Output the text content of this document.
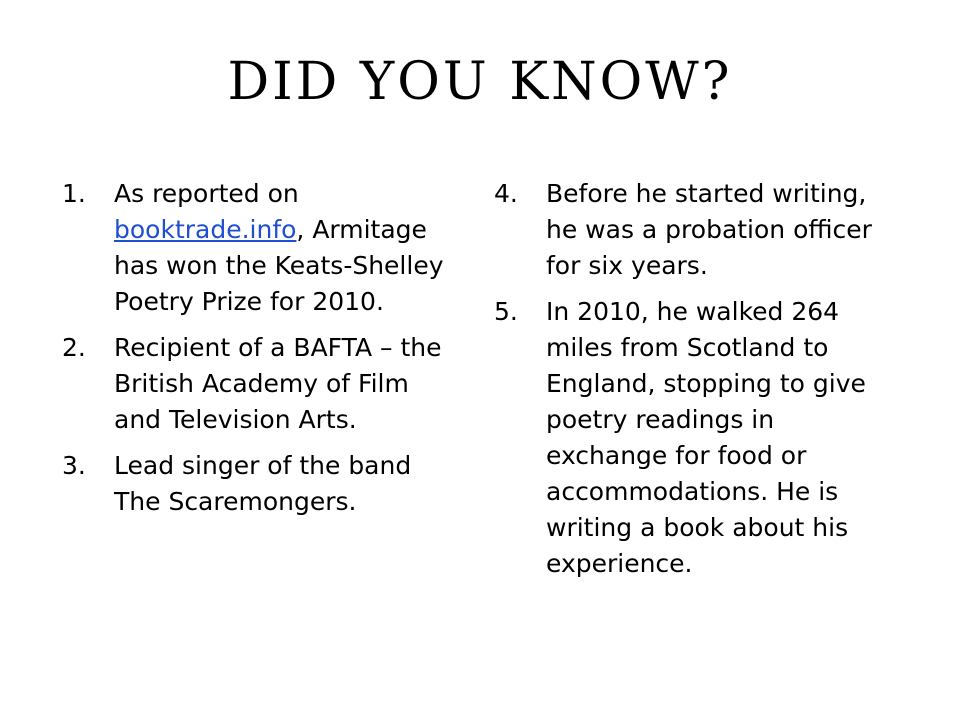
DID YOU KNOW?
1.	As reported on booktrade.info, Armitage has won the Keats-Shelley Poetry Prize for 2010.
2.	Recipient of a BAFTA – the British Academy of Film and Television Arts.
3.	Lead singer of the band The Scaremongers.
4.	Before he started writing, he was a probation officer for six years.
5.	In 2010, he walked 264 miles from Scotland to England, stopping to give poetry readings in exchange for food or accommodations. He is writing a book about his experience.
